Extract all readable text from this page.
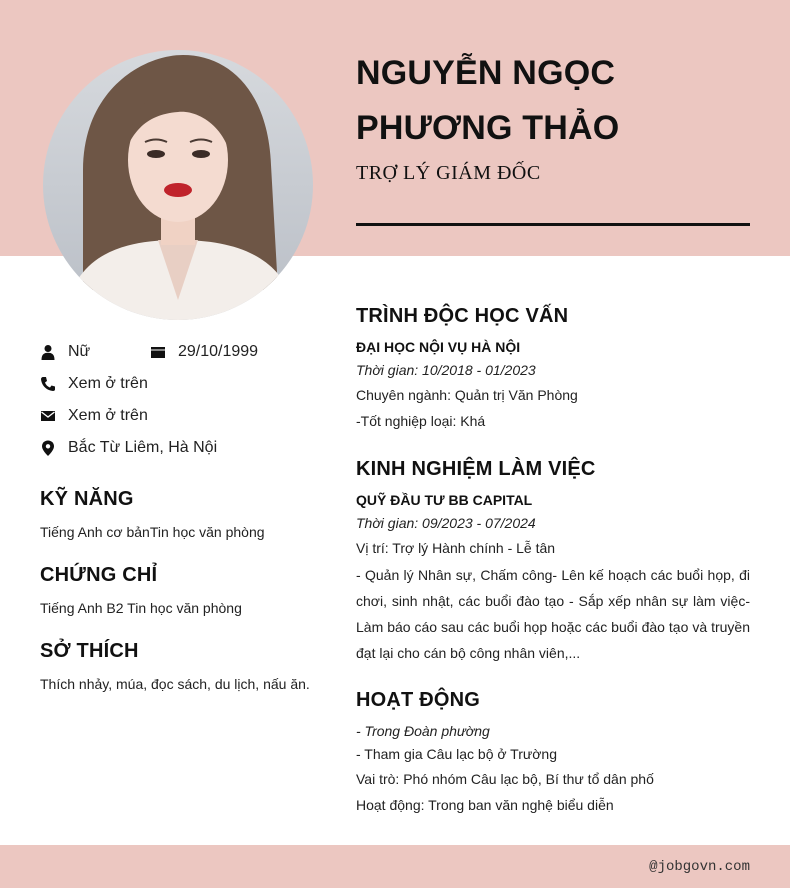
NGUYỄN NGỌC PHƯƠNG THẢO
TRỢ LÝ GIÁM ĐỐC
Nữ	29/10/1999
Xem ở trên
Xem ở trên
Bắc Từ Liêm, Hà Nội
KỸ NĂNG
Tiếng Anh cơ bảnTin học văn phòng
CHỨNG CHỈ
Tiếng Anh B2 Tin học văn phòng
SỞ THÍCH
Thích nhảy, múa, đọc sách, du lịch, nấu ăn.
TRÌNH ĐỘC HỌC VẤN
ĐẠI HỌC NỘI VỤ HÀ NỘI
Thời gian: 10/2018 - 01/2023
Chuyên ngành: Quản trị Văn Phòng
-Tốt nghiệp loại: Khá
KINH NGHIỆM LÀM VIỆC
QUỸ ĐẦU TƯ BB CAPITAL
Thời gian: 09/2023 - 07/2024
Vị trí: Trợ lý Hành chính - Lễ tân
- Quản lý Nhân sự, Chấm công- Lên kế hoạch các buổi họp, đi chơi, sinh nhật, các buổi đào tạo - Sắp xếp nhân sự làm việc- Làm báo cáo sau các buổi họp hoặc các buổi đào tạo và truyền đạt lại cho cán bộ công nhân viên,...
HOẠT ĐỘNG
- Trong Đoàn phường
- Tham gia Câu lạc bộ ở Trường
Vai trò: Phó nhóm Câu lạc bộ, Bí thư tổ dân phố
Hoạt động: Trong ban văn nghệ biểu diễn
@jobgovn.com
